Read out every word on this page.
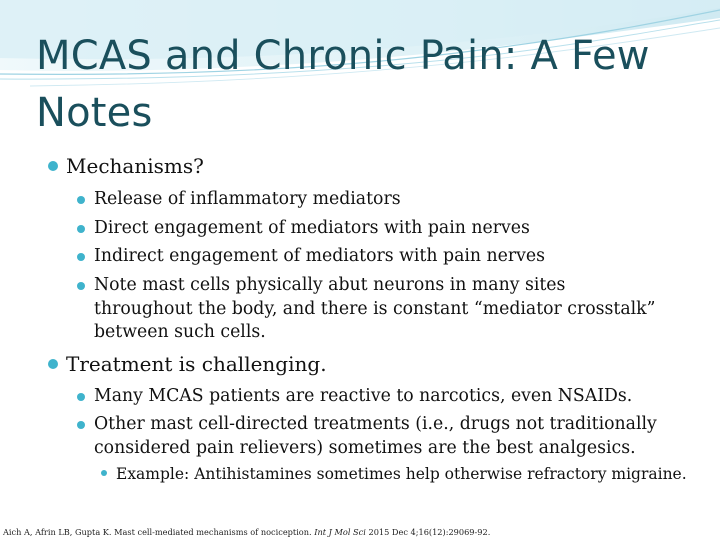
MCAS and Chronic Pain: A Few
Notes
Mechanisms?
Release of inflammatory mediators
Direct engagement of mediators with pain nerves
Indirect engagement of mediators with pain nerves
Note mast cells physically abut neurons in many sites
throughout the body, and there is constant “mediator crosstalk”
between such cells.
Treatment is challenging.
Many MCAS patients are reactive to narcotics, even NSAIDs.
Other mast cell-directed treatments (i.e., drugs not traditionally
considered pain relievers) sometimes are the best analgesics.
Example: Antihistamines sometimes help otherwise refractory migraine.
Aich A, Afrin LB, Gupta K. Mast cell-mediated mechanisms of nociception. Int J Mol Sci 2015 Dec 4;16(12):29069-92.
